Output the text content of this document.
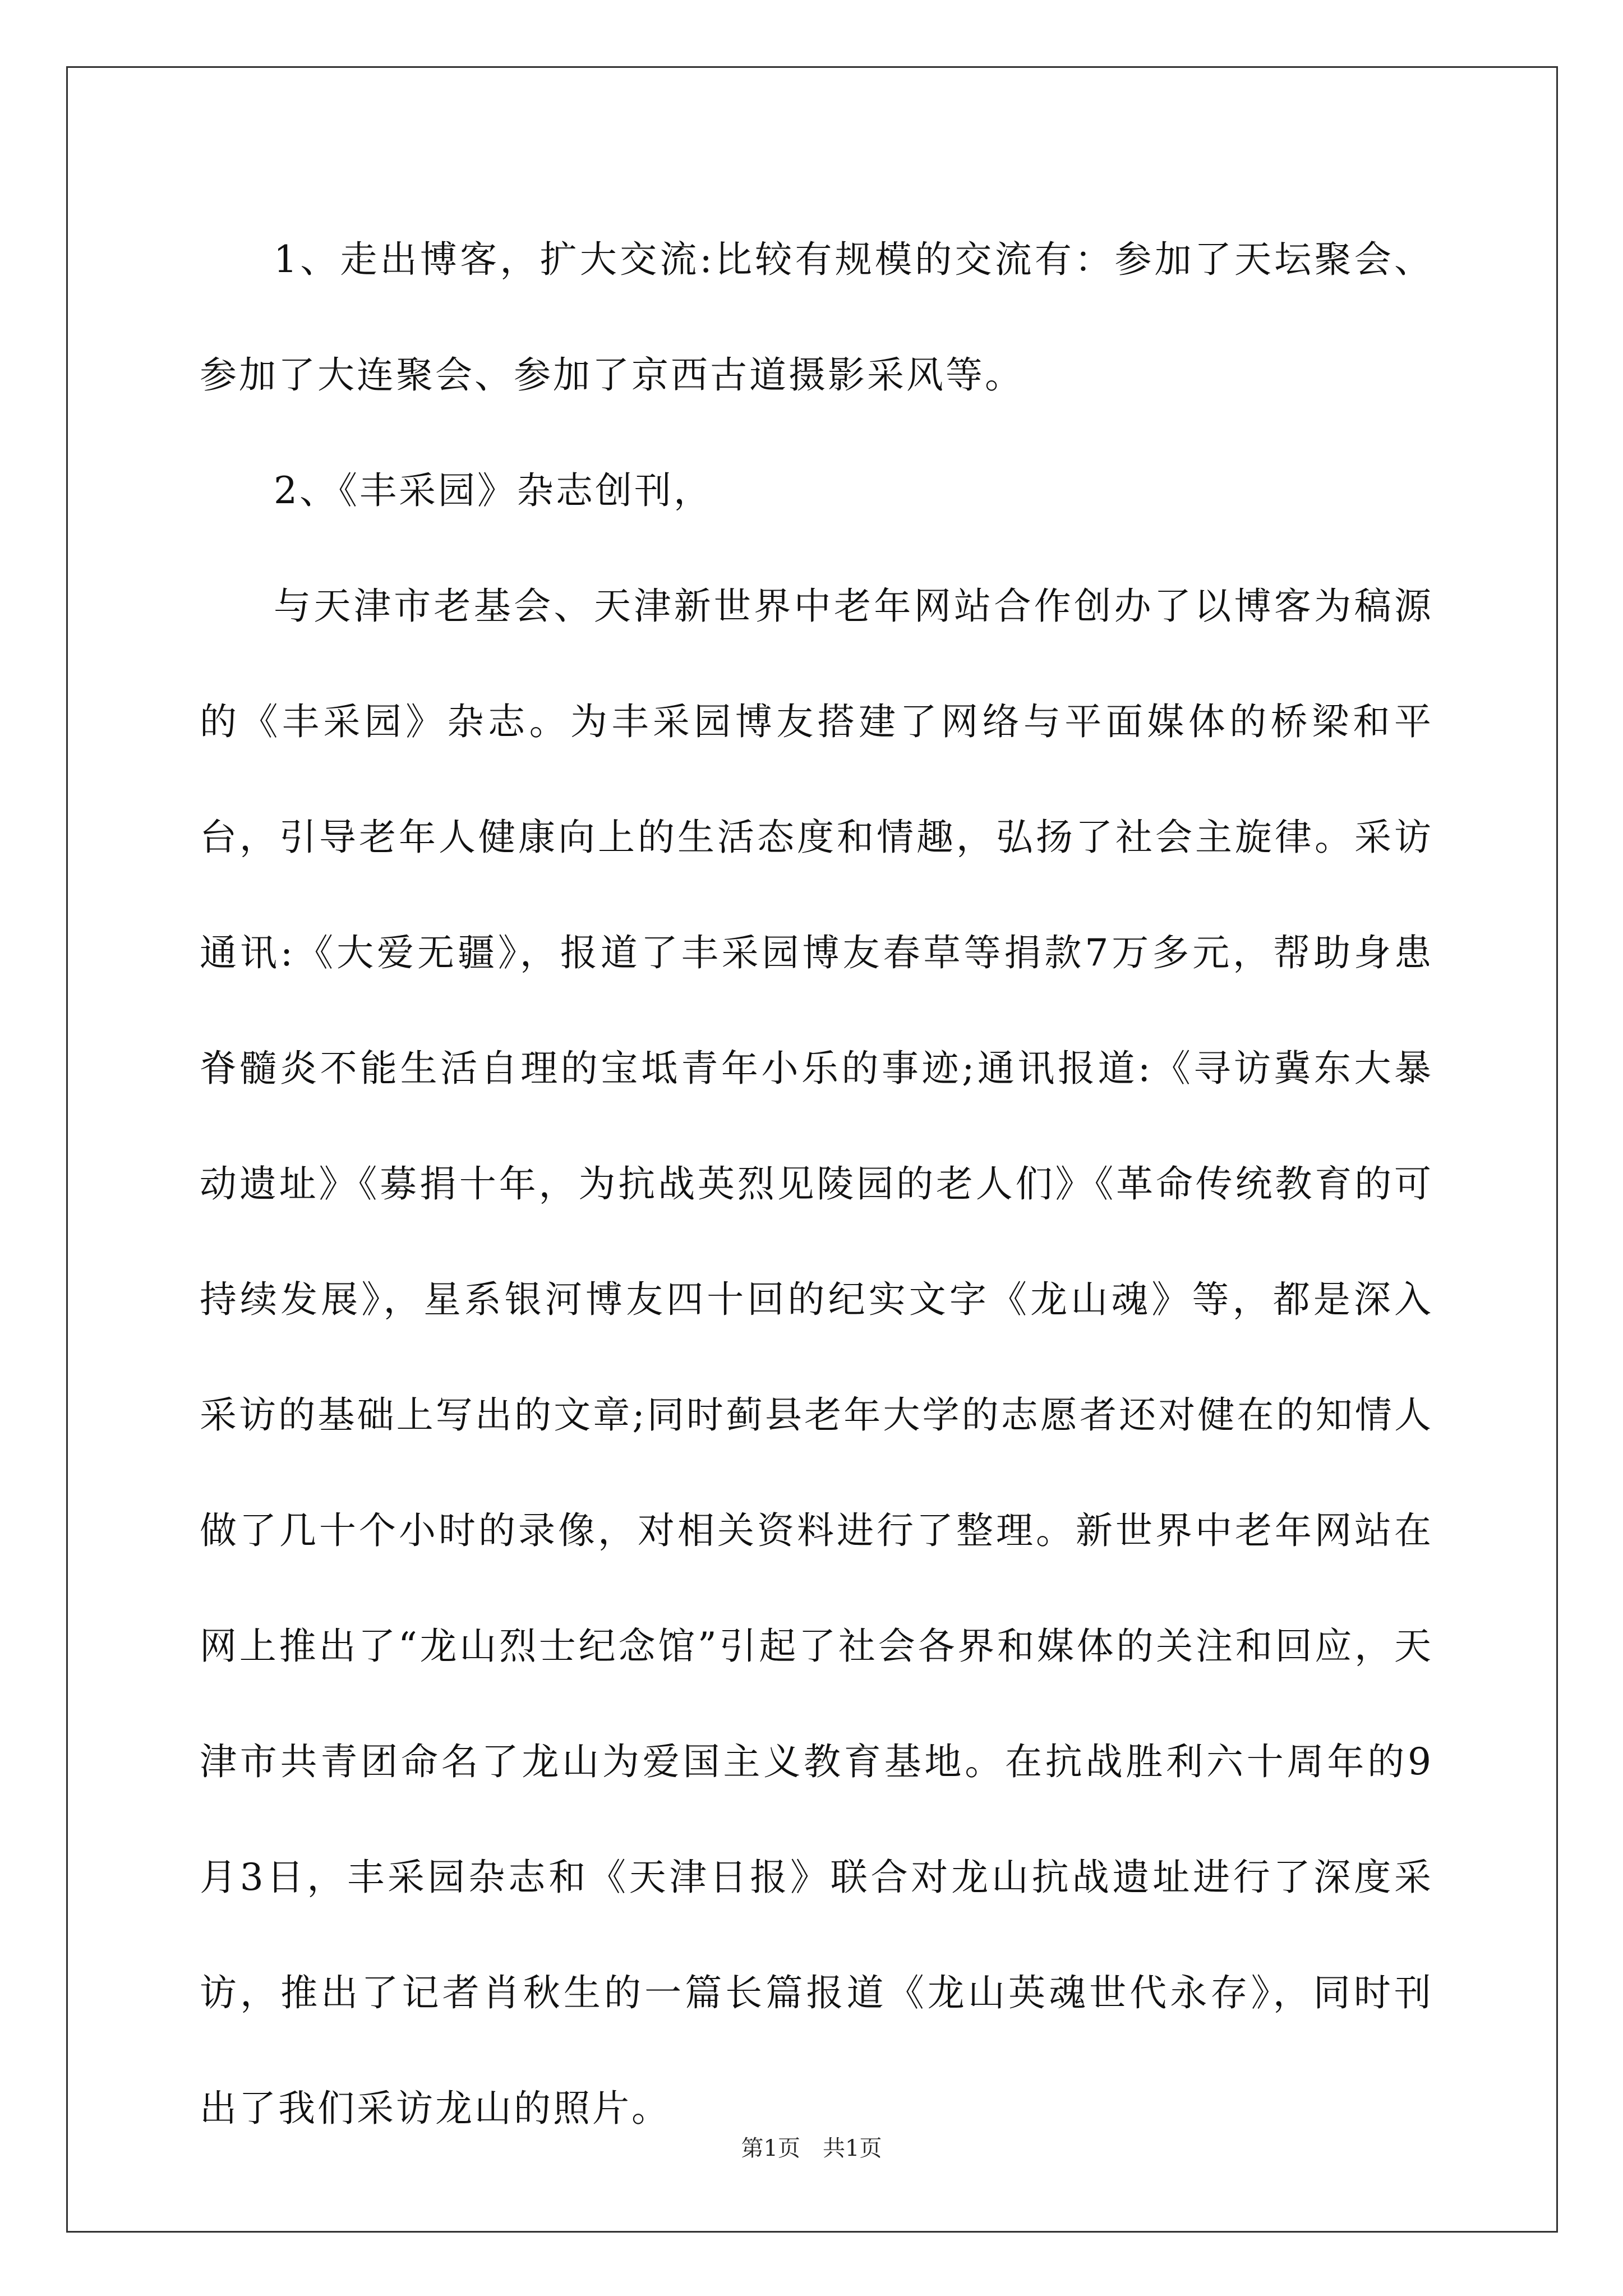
1、走出博客，扩大交流:比较有规模的交流有：参加了天坛聚会、参加了大连聚会、参加了京西古道摄影采风等。

2、《丰采园》杂志创刊，

与天津市老基会、天津新世界中老年网站合作创办了以博客为稿源的《丰采园》杂志。为丰采园博友搭建了网络与平面媒体的桥梁和平台，引导老年人健康向上的生活态度和情趣，弘扬了社会主旋律。采访通讯:《大爱无疆》，报道了丰采园博友春草等捐款7万多元，帮助身患脊髓炎不能生活自理的宝坻青年小乐的事迹;通讯报道:《寻访冀东大暴动遗址》《募捐十年，为抗战英烈见陵园的老人们》《革命传统教育的可持续发展》，星系银河博友四十回的纪实文字《龙山魂》等，都是深入采访的基础上写出的文章;同时蓟县老年大学的志愿者还对健在的知情人做了几十个小时的录像，对相关资料进行了整理。新世界中老年网站在网上推出了“龙山烈士纪念馆”引起了社会各界和媒体的关注和回应，天津市共青团命名了龙山为爱国主义教育基地。在抗战胜利六十周年的9月3日，丰采园杂志和《天津日报》联合对龙山抗战遗址进行了深度采访，推出了记者肖秋生的一篇长篇报道《龙山英魂世代永存》，同时刊出了我们采访龙山的照片。

第1页 共1页
